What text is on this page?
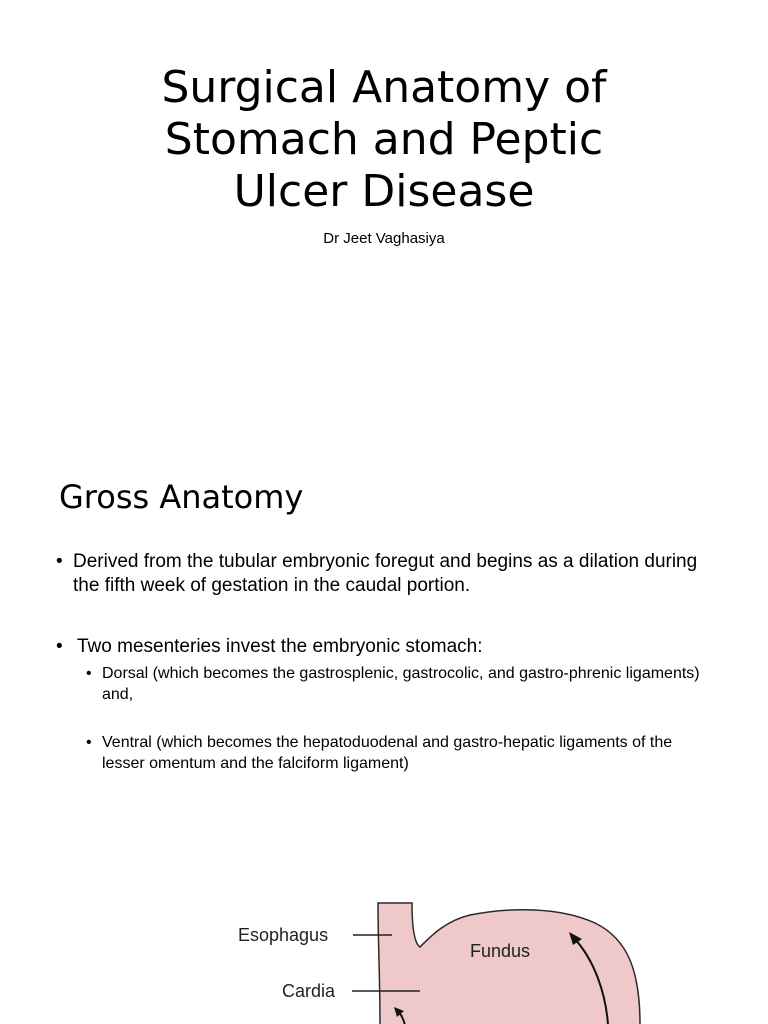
Surgical Anatomy of
Stomach and Peptic
Ulcer Disease
Dr Jeet Vaghasiya
Gross Anatomy
• Derived from the tubular embryonic foregut and begins as a dilation during the fifth week of gestation in the caudal portion.
• Two mesenteries invest the embryonic stomach:
• Dorsal (which becomes the gastrosplenic, gastrocolic, and gastro-phrenic ligaments) and,
• Ventral (which becomes the hepatoduodenal and gastro-hepatic ligaments of the lesser omentum and the falciform ligament)
Esophagus
Fundus
Cardia
